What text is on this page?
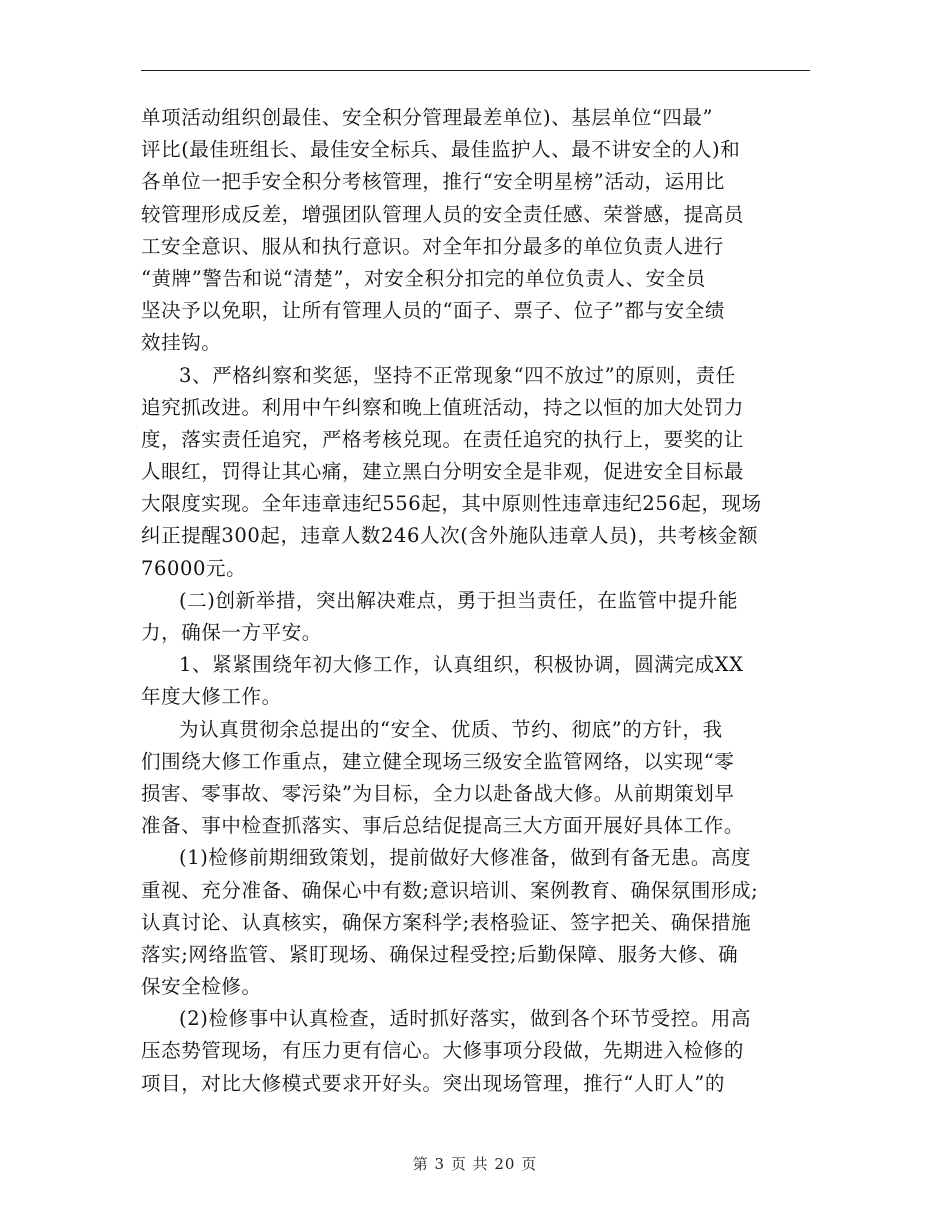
单项活动组织创最佳、安全积分管理最差单位)、基层单位“四最”
评比(最佳班组长、最佳安全标兵、最佳监护人、最不讲安全的人)和
各单位一把手安全积分考核管理，推行“安全明星榜”活动，运用比
较管理形成反差，增强团队管理人员的安全责任感、荣誉感，提高员
工安全意识、服从和执行意识。对全年扣分最多的单位负责人进行
“黄牌”警告和说“清楚”，对安全积分扣完的单位负责人、安全员
坚决予以免职，让所有管理人员的“面子、票子、位子”都与安全绩
效挂钩。
3、严格纠察和奖惩，坚持不正常现象“四不放过”的原则，责任
追究抓改进。利用中午纠察和晚上值班活动，持之以恒的加大处罚力
度，落实责任追究，严格考核兑现。在责任追究的执行上，要奖的让
人眼红，罚得让其心痛，建立黑白分明安全是非观，促进安全目标最
大限度实现。全年违章违纪556起，其中原则性违章违纪256起，现场
纠正提醒300起，违章人数246人次(含外施队违章人员)，共考核金额
76000元。
(二)创新举措，突出解决难点，勇于担当责任，在监管中提升能
力，确保一方平安。
1、紧紧围绕年初大修工作，认真组织，积极协调，圆满完成XX
年度大修工作。
为认真贯彻余总提出的“安全、优质、节约、彻底”的方针，我
们围绕大修工作重点，建立健全现场三级安全监管网络，以实现“零
损害、零事故、零污染”为目标，全力以赴备战大修。从前期策划早
准备、事中检查抓落实、事后总结促提高三大方面开展好具体工作。
(1)检修前期细致策划，提前做好大修准备，做到有备无患。高度
重视、充分准备、确保心中有数;意识培训、案例教育、确保氛围形成;
认真讨论、认真核实，确保方案科学;表格验证、签字把关、确保措施
落实;网络监管、紧盯现场、确保过程受控;后勤保障、服务大修、确
保安全检修。
(2)检修事中认真检查，适时抓好落实，做到各个环节受控。用高
压态势管现场，有压力更有信心。大修事项分段做，先期进入检修的
项目，对比大修模式要求开好头。突出现场管理，推行“人盯人”的
第 3 页 共 20 页
